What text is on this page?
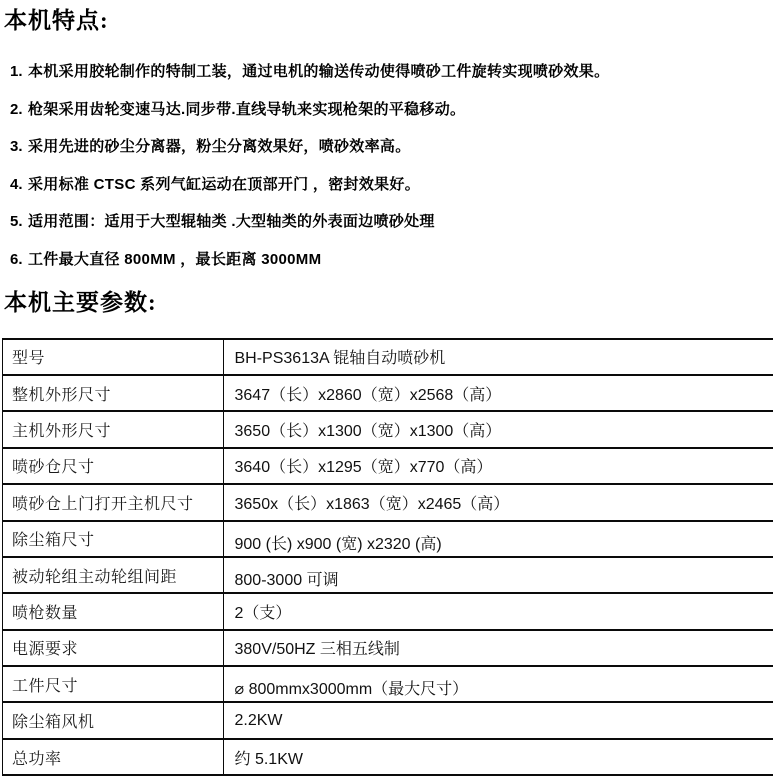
本机特点:
1. 本机采用胶轮制作的特制工装，通过电机的输送传动使得喷砂工件旋转实现喷砂效果。
2. 枪架采用齿轮变速马达.同步带.直线导轨来实现枪架的平稳移动。
3. 采用先进的砂尘分离器，粉尘分离效果好，喷砂效率高。
4. 采用标准 CTSC 系列气缸运动在顶部开门 ，密封效果好。
5. 适用范围：适用于大型辊轴类 .大型轴类的外表面边喷砂处理
6. 工件最大直径 800MM ，最长距离 3000MM
本机主要参数:
型号	BH-PS3613A 锟轴自动喷砂机
整机外形尺寸	3647（长）x2860（宽）x2568（高）
主机外形尺寸	3650（长）x1300（宽）x1300（高）
喷砂仓尺寸	3640（长）x1295（宽）x770（高）
喷砂仓上门打开主机尺寸	3650x（长）x1863（宽）x2465（高）
除尘箱尺寸	900 (长) x900 (宽) x2320 (高)
被动轮组主动轮组间距	800-3000 可调
喷枪数量	2（支）
电源要求	380V/50HZ 三相五线制
工件尺寸	⌀ 800mmx3000mm（最大尺寸）
除尘箱风机	2.2KW
总功率	约 5.1KW
